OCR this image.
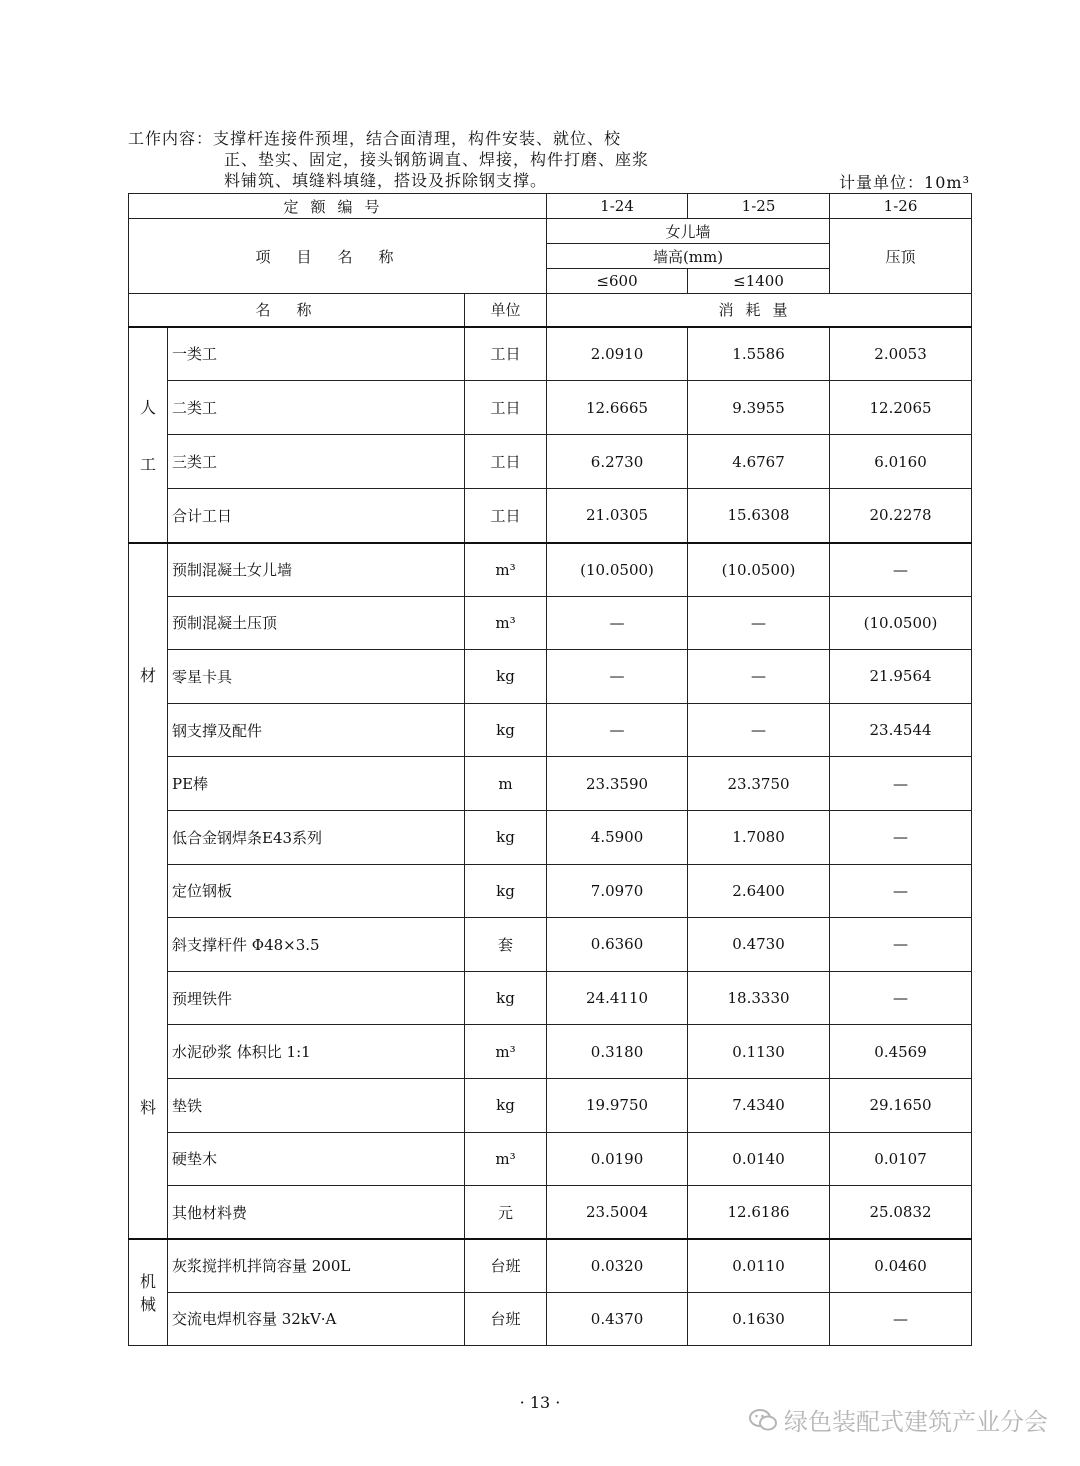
工作内容：支撑杆连接件预埋，结合面清理，构件安装、就位、校
正、垫实、固定，接头钢筋调直、焊接，构件打磨、座浆
料铺筑、填缝料填缝，搭设及拆除钢支撑。	计量单位：10m³
定额编号			1-24	1-25	1-26
项目名称			女儿墙		压顶
			墙高(mm)		
			≤600	≤1400	
名称		单位	消耗量		
人
工	一类工	工日	2.0910	1.5586	2.0053
	二类工	工日	12.6665	9.3955	12.2065
	三类工	工日	6.2730	4.6767	6.0160
	合计工日	工日	21.0305	15.6308	20.2278
材
料	预制混凝土女儿墙	m³	(10.0500)	(10.0500)	—
	预制混凝土压顶	m³	—	—	(10.0500)
	零星卡具	kg	—	—	21.9564
	钢支撑及配件	kg	—	—	23.4544
	PE棒	m	23.3590	23.3750	—
	低合金钢焊条E43系列	kg	4.5900	1.7080	—
	定位钢板	kg	7.0970	2.6400	—
	斜支撑杆件 Φ48×3.5	套	0.6360	0.4730	—
	预埋铁件	kg	24.4110	18.3330	—
	水泥砂浆 体积比 1:1	m³	0.3180	0.1130	0.4569
	垫铁	kg	19.9750	7.4340	29.1650
	硬垫木	m³	0.0190	0.0140	0.0107
	其他材料费	元	23.5004	12.6186	25.0832
机
械	灰浆搅拌机拌筒容量 200L	台班	0.0320	0.0110	0.0460
	交流电焊机容量 32kV·A	台班	0.4370	0.1630	—
· 13 ·
绿色装配式建筑产业分会
